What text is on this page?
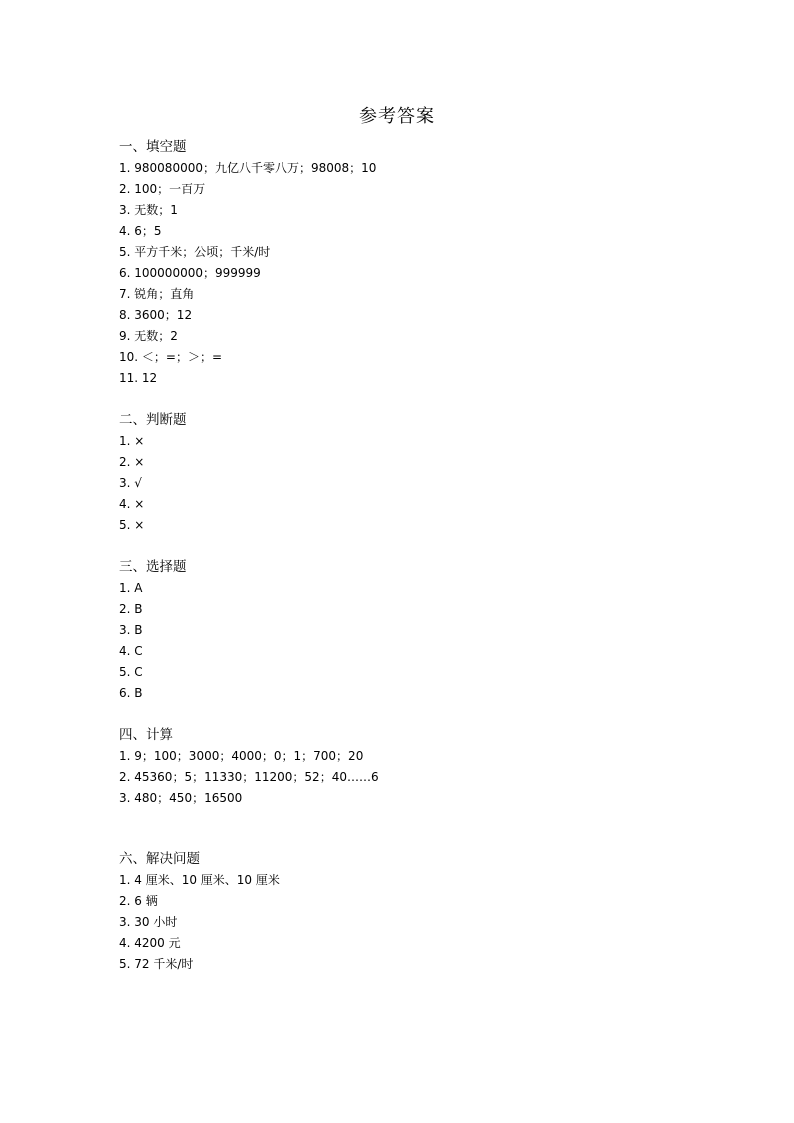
参考答案
一、填空题
1. 980080000；九亿八千零八万；98008；10
2. 100；一百万
3. 无数；1
4. 6；5
5. 平方千米；公顷；千米/时
6. 100000000；999999
7. 锐角；直角
8. 3600；12
9. 无数；2
10. ＜；=；＞；=
11. 12
二、判断题
1. ×
2. ×
3. √
4. ×
5. ×
三、选择题
1. A
2. B
3. B
4. C
5. C
6. B
四、计算
1. 9；100；3000；4000；0；1；700；20
2. 45360；5；11330；11200；52；40……6
3. 480；450；16500
六、解决问题
1. 4 厘米、10 厘米、10 厘米
2. 6 辆
3. 30 小时
4. 4200 元
5. 72 千米/时
